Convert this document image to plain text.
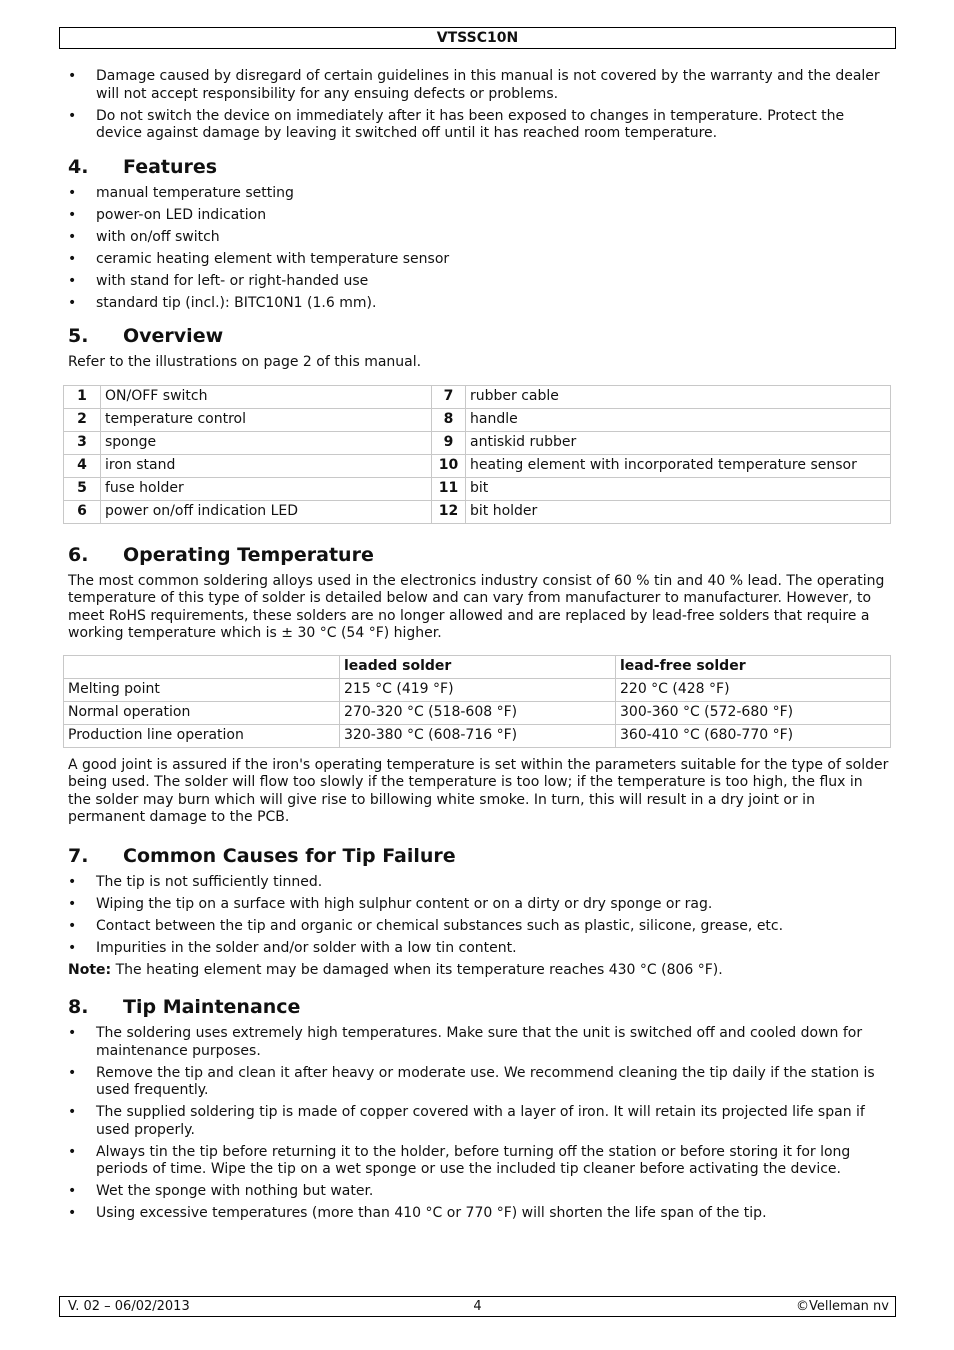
VTSSC10N
• Damage caused by disregard of certain guidelines in this manual is not covered by the warranty and the dealer will not accept responsibility for any ensuing defects or problems.
• Do not switch the device on immediately after it has been exposed to changes in temperature. Protect the device against damage by leaving it switched off until it has reached room temperature.
4.	Features
• manual temperature setting
• power-on LED indication
• with on/off switch
• ceramic heating element with temperature sensor
• with stand for left- or right-handed use
• standard tip (incl.): BITC10N1 (1.6 mm).
5.	Overview

Refer to the illustrations on page 2 of this manual.

1	ON/OFF switch	7	rubber cable
2	temperature control	8	handle
3	sponge	9	antiskid rubber
4	iron stand	10	heating element with incorporated temperature sensor
5	fuse holder	11	bit
6	power on/off indication LED	12	bit holder
6.	Operating Temperature

The most common soldering alloys used in the electronics industry consist of 60 % tin and 40 % lead. The operating temperature of this type of solder is detailed below and can vary from manufacturer to manufacturer. However, to meet RoHS requirements, these solders are no longer allowed and are replaced by lead-free solders that require a working temperature which is ± 30 °C (54 °F) higher.

	leaded solder	lead-free solder
Melting point	215 °C (419 °F)	220 °C (428 °F)
Normal operation	270-320 °C (518-608 °F)	300-360 °C (572-680 °F)
Production line operation	320-380 °C (608-716 °F)	360-410 °C (680-770 °F)

A good joint is assured if the iron's operating temperature is set within the parameters suitable for the type of solder being used. The solder will flow too slowly if the temperature is too low; if the temperature is too high, the flux in the solder may burn which will give rise to billowing white smoke. In turn, this will result in a dry joint or in permanent damage to the PCB.

7.	Common Causes for Tip Failure
• The tip is not sufficiently tinned.
• Wiping the tip on a surface with high sulphur content or on a dirty or dry sponge or rag.
• Contact between the tip and organic or chemical substances such as plastic, silicone, grease, etc.
• Impurities in the solder and/or solder with a low tin content.

Note: The heating element may be damaged when its temperature reaches 430 °C (806 °F).

8.	Tip Maintenance
• The soldering uses extremely high temperatures. Make sure that the unit is switched off and cooled down for maintenance purposes.
• Remove the tip and clean it after heavy or moderate use. We recommend cleaning the tip daily if the station is used frequently.
• The supplied soldering tip is made of copper covered with a layer of iron. It will retain its projected life span if used properly.
• Always tin the tip before returning it to the holder, before turning off the station or before storing it for long periods of time. Wipe the tip on a wet sponge or use the included tip cleaner before activating the device.
• Wet the sponge with nothing but water.
• Using excessive temperatures (more than 410 °C or 770 °F) will shorten the life span of the tip.
V. 02 – 06/02/2013	4	©Velleman nv
